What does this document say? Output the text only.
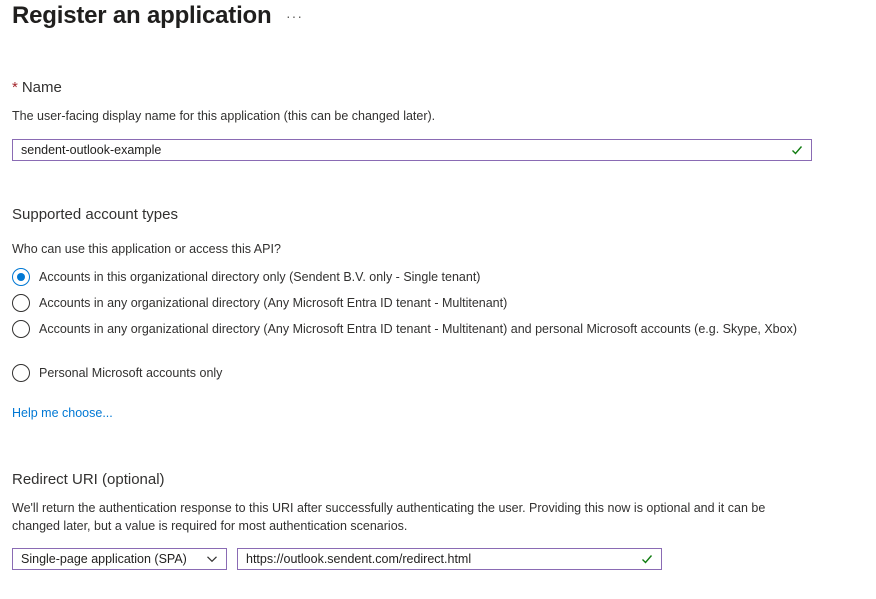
Register an application ···
* Name
The user-facing display name for this application (this can be changed later).
sendent-outlook-example
Supported account types
Who can use this application or access this API?
Accounts in this organizational directory only (Sendent B.V. only - Single tenant)
Accounts in any organizational directory (Any Microsoft Entra ID tenant - Multitenant)
Accounts in any organizational directory (Any Microsoft Entra ID tenant - Multitenant) and personal Microsoft accounts (e.g. Skype, Xbox)
Personal Microsoft accounts only
Help me choose...
Redirect URI (optional)
We'll return the authentication response to this URI after successfully authenticating the user. Providing this now is optional and it can be changed later, but a value is required for most authentication scenarios.
Single-page application (SPA)	https://outlook.sendent.com/redirect.html
